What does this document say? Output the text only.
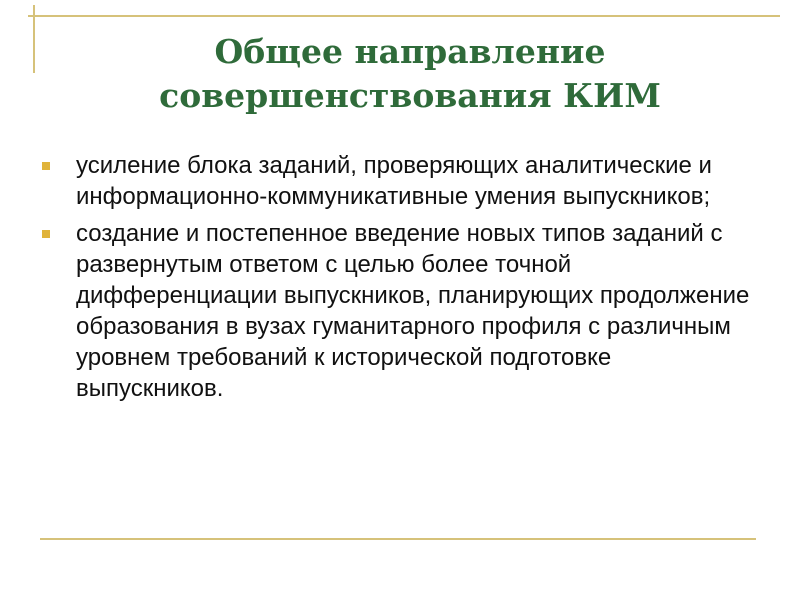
Общее направление
совершенствования КИМ
усиление блока заданий, проверяющих аналитические и информационно-коммуникативные умения выпускников;
создание и постепенное введение новых типов заданий с развернутым ответом с целью более точной дифференциации выпускников, планирующих продолжение образования в вузах гуманитарного профиля с различным уровнем требований к исторической подготовке выпускников.
